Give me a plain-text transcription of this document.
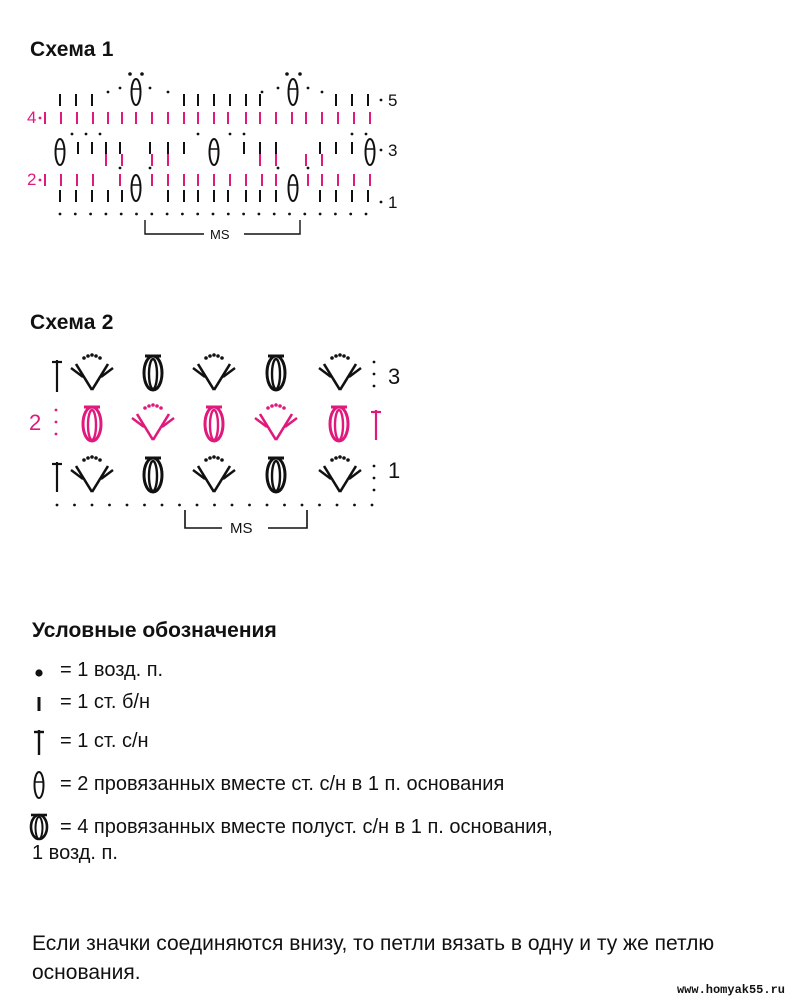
Схема 1
5
4
3
2
1
MS
Схема 2
3
2
1
MS
Условные обозначения
= 1 возд. п.
= 1 ст. б/н
= 1 ст. с/н
= 2 провязанных вместе ст. с/н в 1 п. основания
= 4 провязанных вместе полуст. с/н в 1 п. основания,
1 возд. п.
Если значки соединяются внизу, то петли вязать в одну и ту же петлю основания.
www.homyak55.ru
